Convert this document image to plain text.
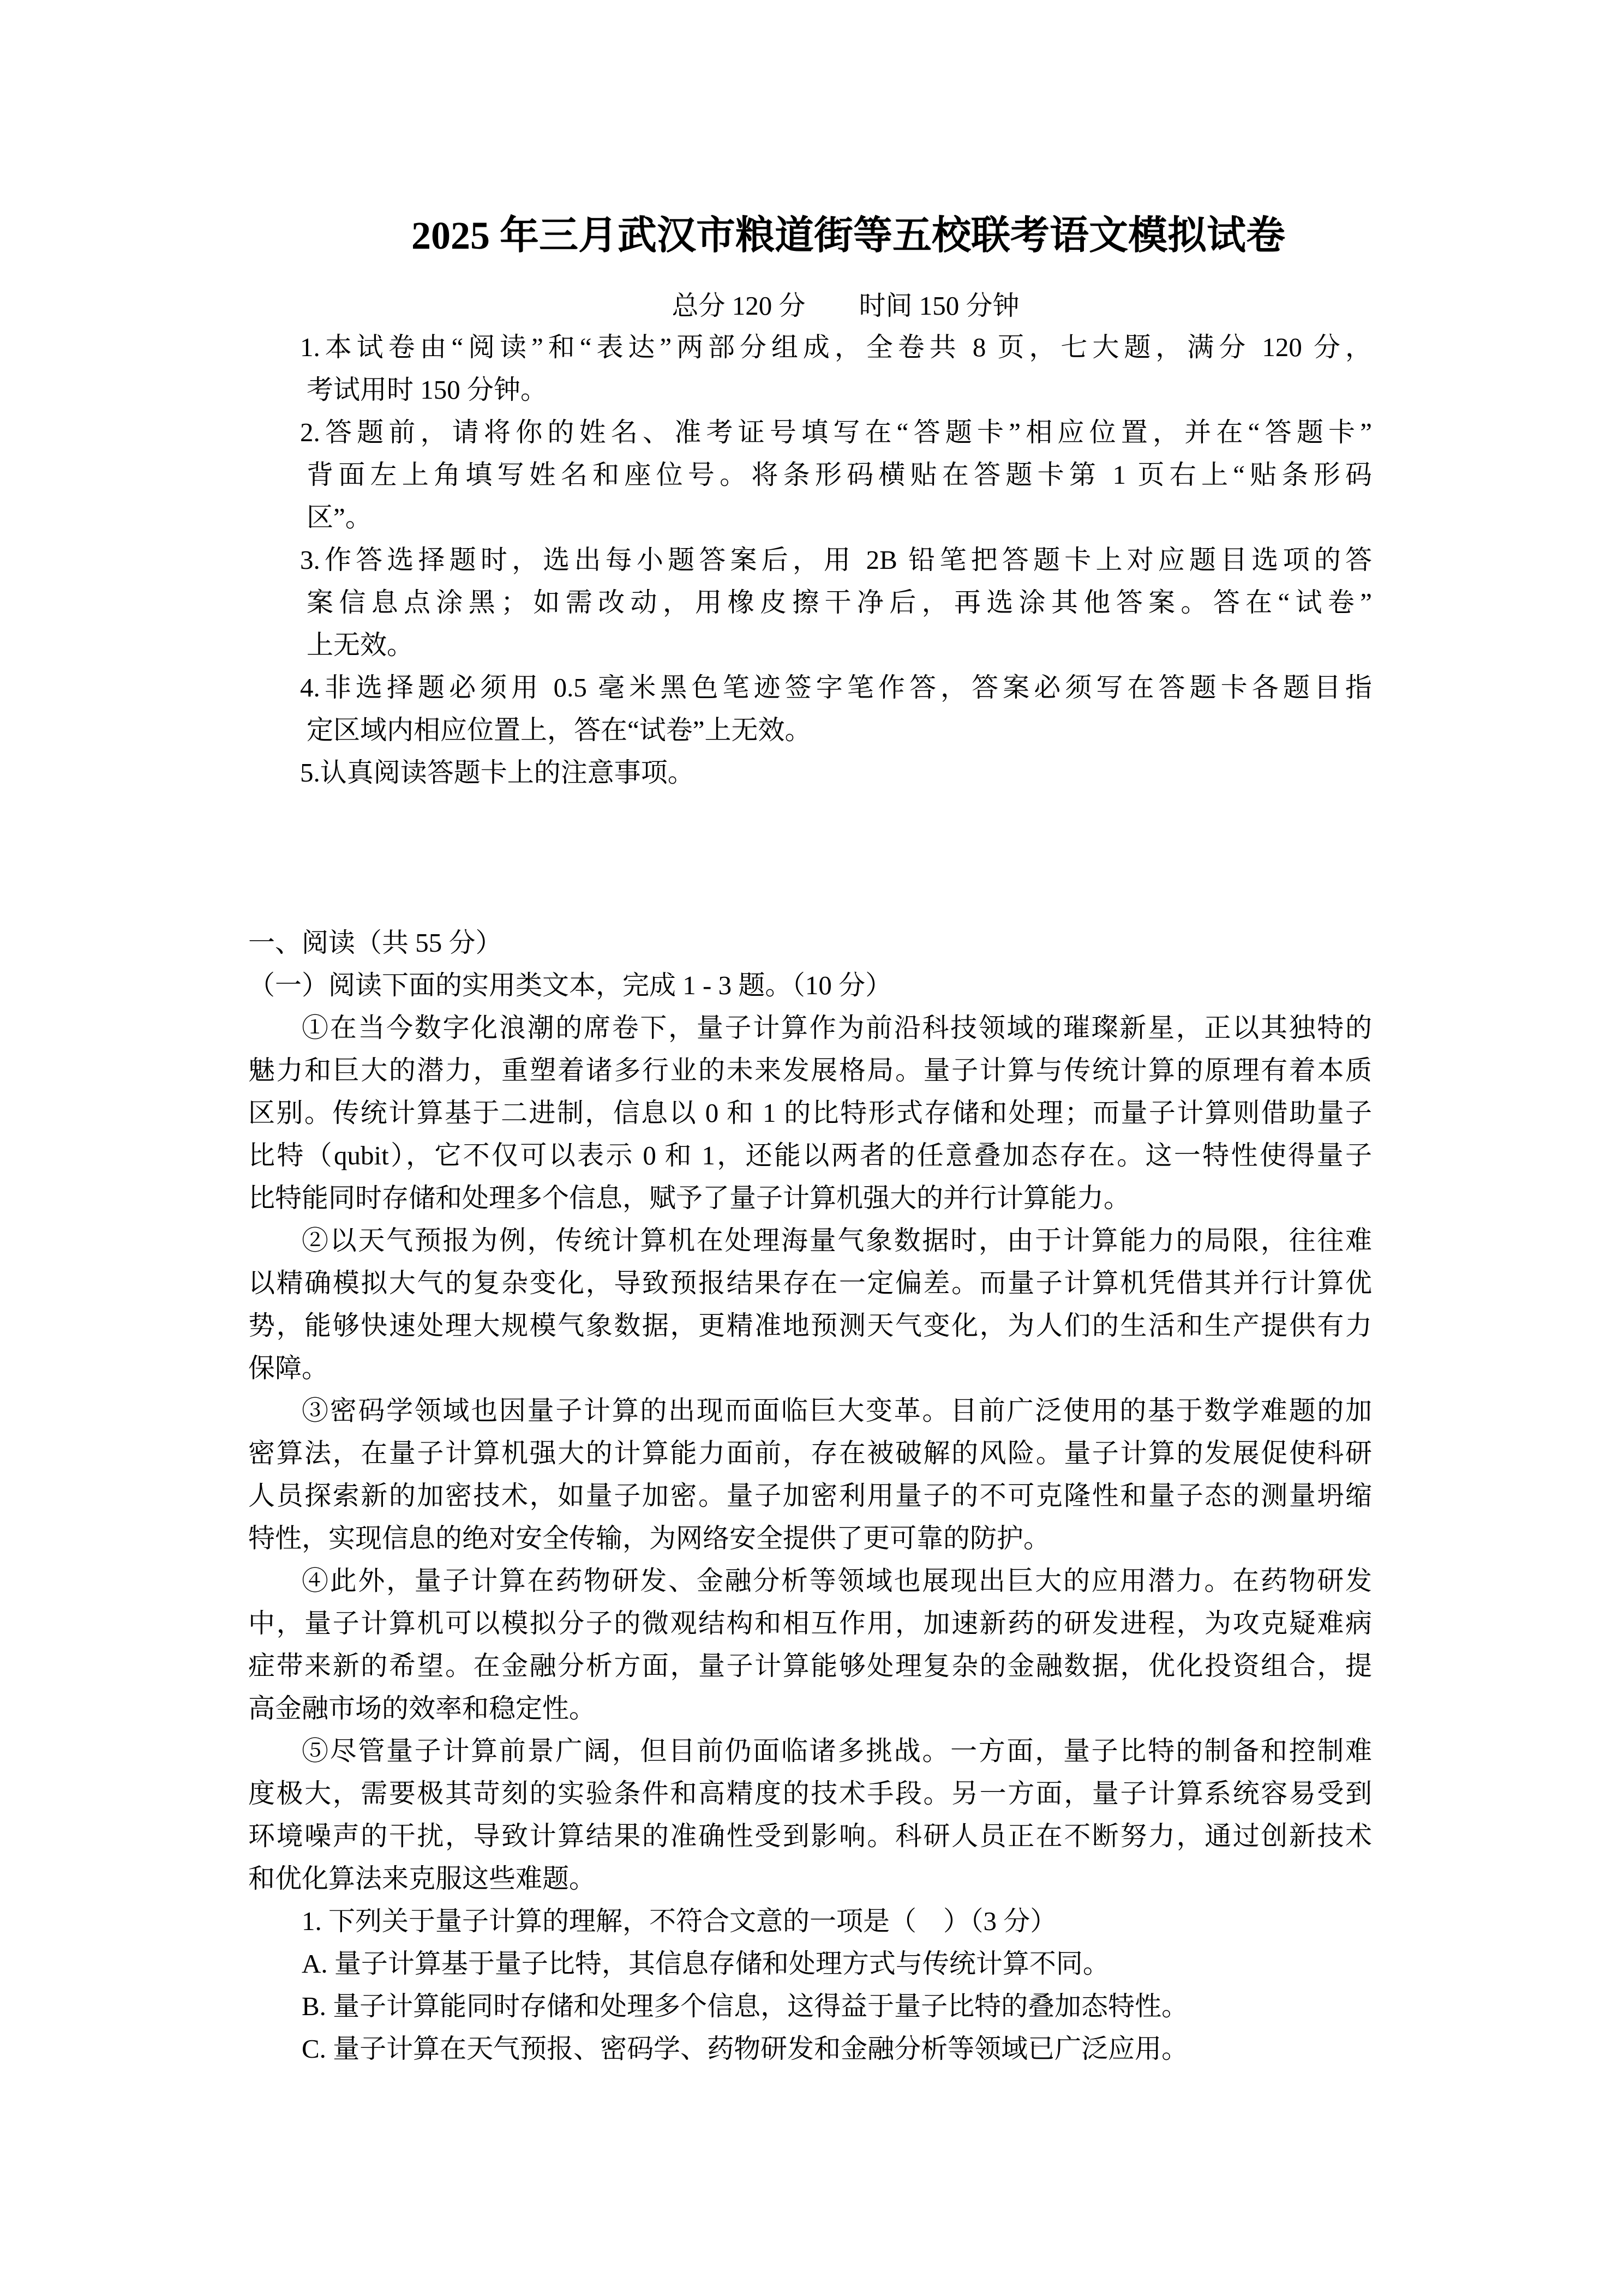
2025 年三月武汉市粮道街等五校联考语文模拟试卷
总分 120 分　　时间 150 分钟
1.本试卷由“阅读”和“表达”两部分组成，全卷共 8 页，七大题，满分 120 分，
考试用时 150 分钟。
2.答题前，请将你的姓名、准考证号填写在“答题卡”相应位置，并在“答题卡”
背面左上角填写姓名和座位号。将条形码横贴在答题卡第 1 页右上“贴条形码
区”。
3.作答选择题时，选出每小题答案后，用 2B 铅笔把答题卡上对应题目选项的答
案信息点涂黑；如需改动，用橡皮擦干净后，再选涂其他答案。答在“试卷”
上无效。
4.非选择题必须用 0.5 毫米黑色笔迹签字笔作答，答案必须写在答题卡各题目指
定区域内相应位置上，答在“试卷”上无效。
5.认真阅读答题卡上的注意事项。
一、阅读（共 55 分）
（一）阅读下面的实用类文本，完成 1 - 3 题。（10 分）
①在当今数字化浪潮的席卷下，量子计算作为前沿科技领域的璀璨新星，正以其独特的
魅力和巨大的潜力，重塑着诸多行业的未来发展格局。量子计算与传统计算的原理有着本质
区别。传统计算基于二进制，信息以 0 和 1 的比特形式存储和处理；而量子计算则借助量子
比特（qubit），它不仅可以表示 0 和 1，还能以两者的任意叠加态存在。这一特性使得量子
比特能同时存储和处理多个信息，赋予了量子计算机强大的并行计算能力。
②以天气预报为例，传统计算机在处理海量气象数据时，由于计算能力的局限，往往难
以精确模拟大气的复杂变化，导致预报结果存在一定偏差。而量子计算机凭借其并行计算优
势，能够快速处理大规模气象数据，更精准地预测天气变化，为人们的生活和生产提供有力
保障。
③密码学领域也因量子计算的出现而面临巨大变革。目前广泛使用的基于数学难题的加
密算法，在量子计算机强大的计算能力面前，存在被破解的风险。量子计算的发展促使科研
人员探索新的加密技术，如量子加密。量子加密利用量子的不可克隆性和量子态的测量坍缩
特性，实现信息的绝对安全传输，为网络安全提供了更可靠的防护。
④此外，量子计算在药物研发、金融分析等领域也展现出巨大的应用潜力。在药物研发
中，量子计算机可以模拟分子的微观结构和相互作用，加速新药的研发进程，为攻克疑难病
症带来新的希望。在金融分析方面，量子计算能够处理复杂的金融数据，优化投资组合，提
高金融市场的效率和稳定性。
⑤尽管量子计算前景广阔，但目前仍面临诸多挑战。一方面，量子比特的制备和控制难
度极大，需要极其苛刻的实验条件和高精度的技术手段。另一方面，量子计算系统容易受到
环境噪声的干扰，导致计算结果的准确性受到影响。科研人员正在不断努力，通过创新技术
和优化算法来克服这些难题。
1. 下列关于量子计算的理解，不符合文意的一项是（　）（3 分）
A. 量子计算基于量子比特，其信息存储和处理方式与传统计算不同。
B. 量子计算能同时存储和处理多个信息，这得益于量子比特的叠加态特性。
C. 量子计算在天气预报、密码学、药物研发和金融分析等领域已广泛应用。
